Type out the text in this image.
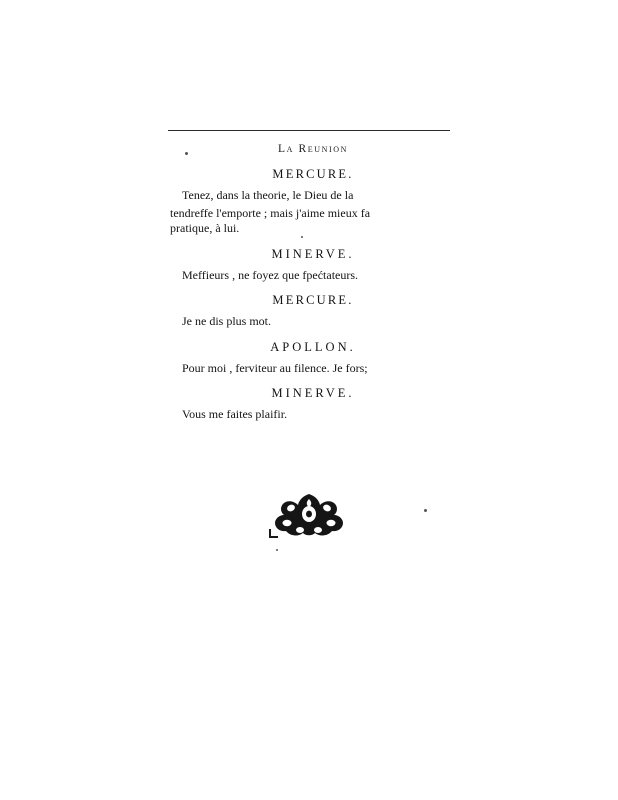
La Reunion
MERCURE.

Tenez, dans la theorie, le Dieu de la

tendreffe l'emporte ; mais j'aime mieux fa

pratique, à lui.

MINERVE.

Meffieurs , ne foyez que fpećtateurs.

MERCURE.

Je ne dis plus mot.

APOLLON.

Pour moi , ferviteur au filence. Je fors;

MINERVE.

Vous me faites plaifir.
